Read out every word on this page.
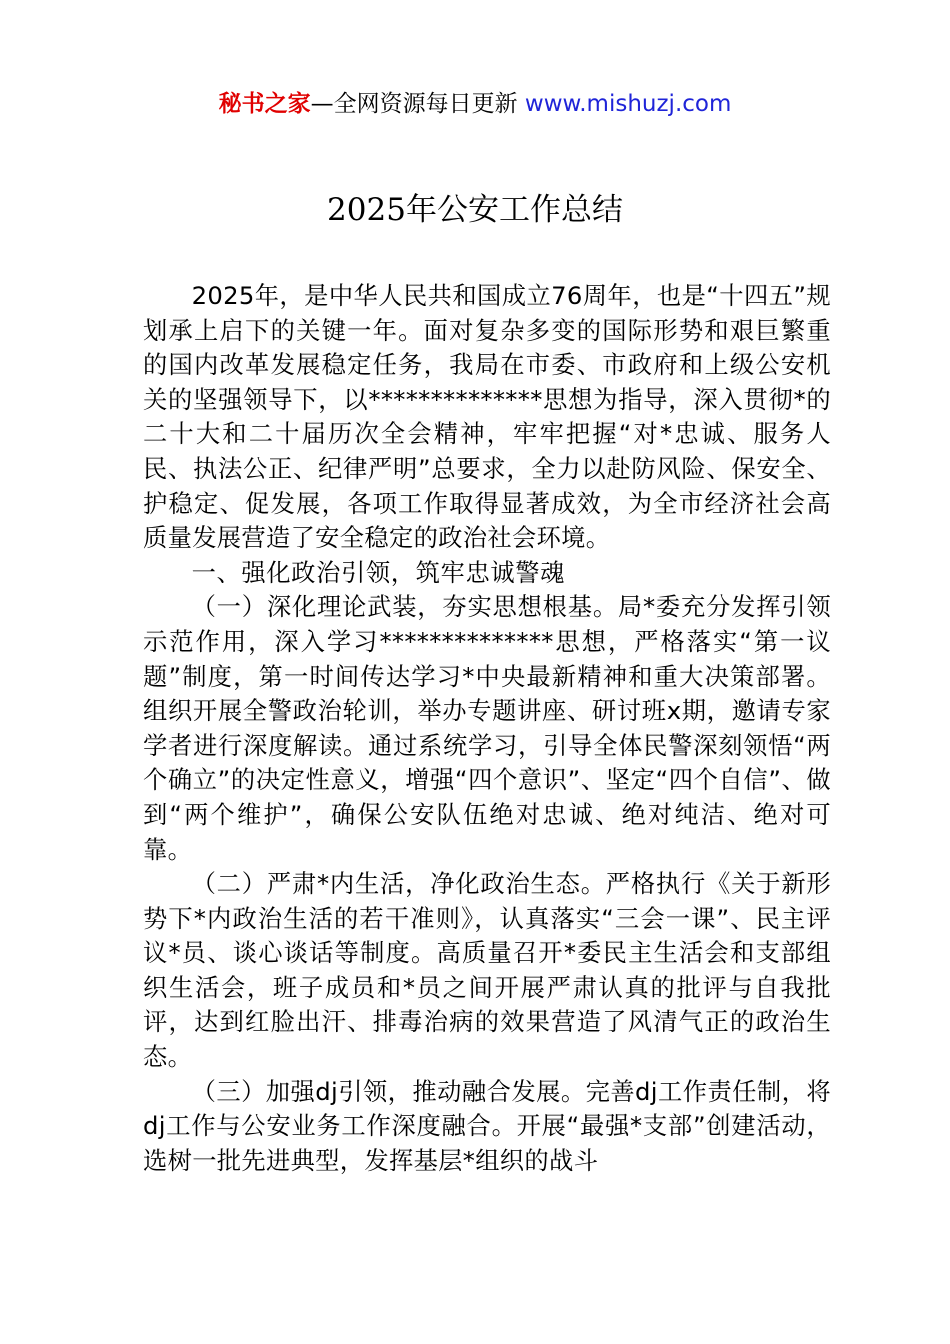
秘书之家—全网资源每日更新 www.mishuzj.com
2025年公安工作总结

2025年，是中华人民共和国成立76周年，也是“十四五”规划承上启下的关键一年。面对复杂多变的国际形势和艰巨繁重的国内改革发展稳定任务，我局在市委、市政府和上级公安机关的坚强领导下，以**************思想为指导，深入贯彻*的二十大和二十届历次全会精神，牢牢把握“对*忠诚、服务人民、执法公正、纪律严明”总要求，全力以赴防风险、保安全、护稳定、促发展，各项工作取得显著成效，为全市经济社会高质量发展营造了安全稳定的政治社会环境。

一、强化政治引领，筑牢忠诚警魂

（一）深化理论武装，夯实思想根基。局*委充分发挥引领示范作用，深入学习**************思想，严格落实“第一议题”制度，第一时间传达学习*中央最新精神和重大决策部署。组织开展全警政治轮训，举办专题讲座、研讨班x期，邀请专家学者进行深度解读。通过系统学习，引导全体民警深刻领悟“两个确立”的决定性意义，增强“四个意识”、坚定“四个自信”、做到“两个维护”，确保公安队伍绝对忠诚、绝对纯洁、绝对可靠。

（二）严肃*内生活，净化政治生态。严格执行《关于新形势下*内政治生活的若干准则》，认真落实“三会一课”、民主评议*员、谈心谈话等制度。高质量召开*委民主生活会和支部组织生活会，班子成员和*员之间开展严肃认真的批评与自我批评，达到红脸出汗、排毒治病的效果营造了风清气正的政治生态。

（三）加强dj引领，推动融合发展。完善dj工作责任制，将dj工作与公安业务工作深度融合。开展“最强*支部”创建活动，选树一批先进典型，发挥基层*组织的战斗
